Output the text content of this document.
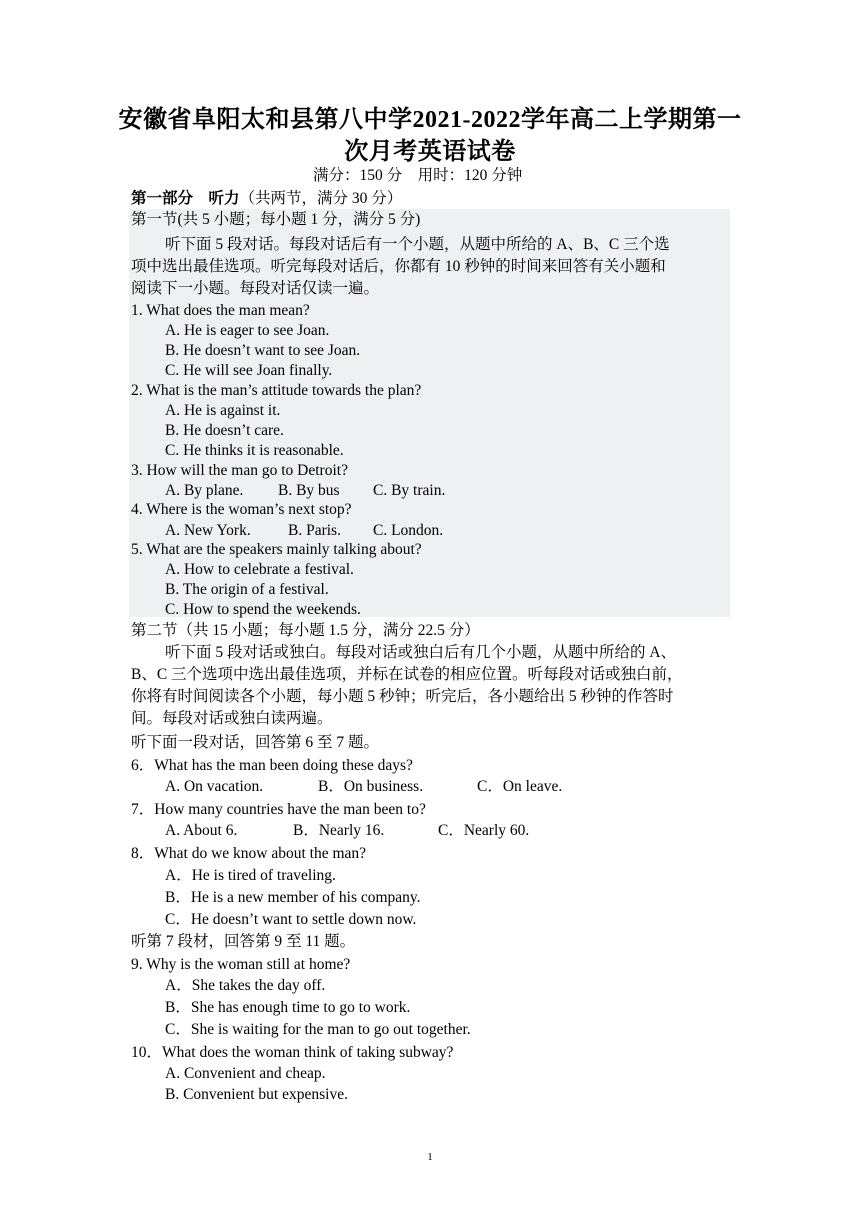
安徽省阜阳太和县第八中学2021-2022学年高二上学期第一
次月考英语试卷
满分：150 分　用时：120 分钟
第一部分　听力（共两节，满分 30 分）
第一节(共 5 小题；每小题 1 分，满分 5 分)
听下面 5 段对话。每段对话后有一个小题，从题中所给的 A、B、C 三个选
项中选出最佳选项。听完每段对话后，你都有 10 秒钟的时间来回答有关小题和
阅读下一小题。每段对话仅读一遍。
1. What does the man mean?
A. He is eager to see Joan.
B. He doesn’t want to see Joan.
C. He will see Joan finally.
2. What is the man’s attitude towards the plan?
A. He is against it.
B. He doesn’t care.
C. He thinks it is reasonable.
3. How will the man go to Detroit?
A. By plane. B. By bus C. By train.
4. Where is the woman’s next stop?
A. New York. B. Paris. C. London.
5. What are the speakers mainly talking about?
A. How to celebrate a festival.
B. The origin of a festival.
C. How to spend the weekends.
第二节（共 15 小题；每小题 1.5 分，满分 22.5 分）
听下面 5 段对话或独白。每段对话或独白后有几个小题，从题中所给的 A、
B、C 三个选项中选出最佳选项，并标在试卷的相应位置。听每段对话或独白前，
你将有时间阅读各个小题，每小题 5 秒钟；听完后，各小题给出 5 秒钟的作答时
间。每段对话或独白读两遍。
听下面一段对话，回答第 6 至 7 题。
6．What has the man been doing these days?
A. On vacation.	B．On business.	C．On leave.
7．How many countries have the man been to?
A. About 6.	B．Nearly 16.	C．Nearly 60.
8．What do we know about the man?
A．He is tired of traveling.
B．He is a new member of his company.
C．He doesn’t want to settle down now.
听第 7 段材，回答第 9 至 11 题。
9. Why is the woman still at home?
A．She takes the day off.
B．She has enough time to go to work.
C．She is waiting for the man to go out together.
10．What does the woman think of taking subway?
A. Convenient and cheap.
B. Convenient but expensive.
1
